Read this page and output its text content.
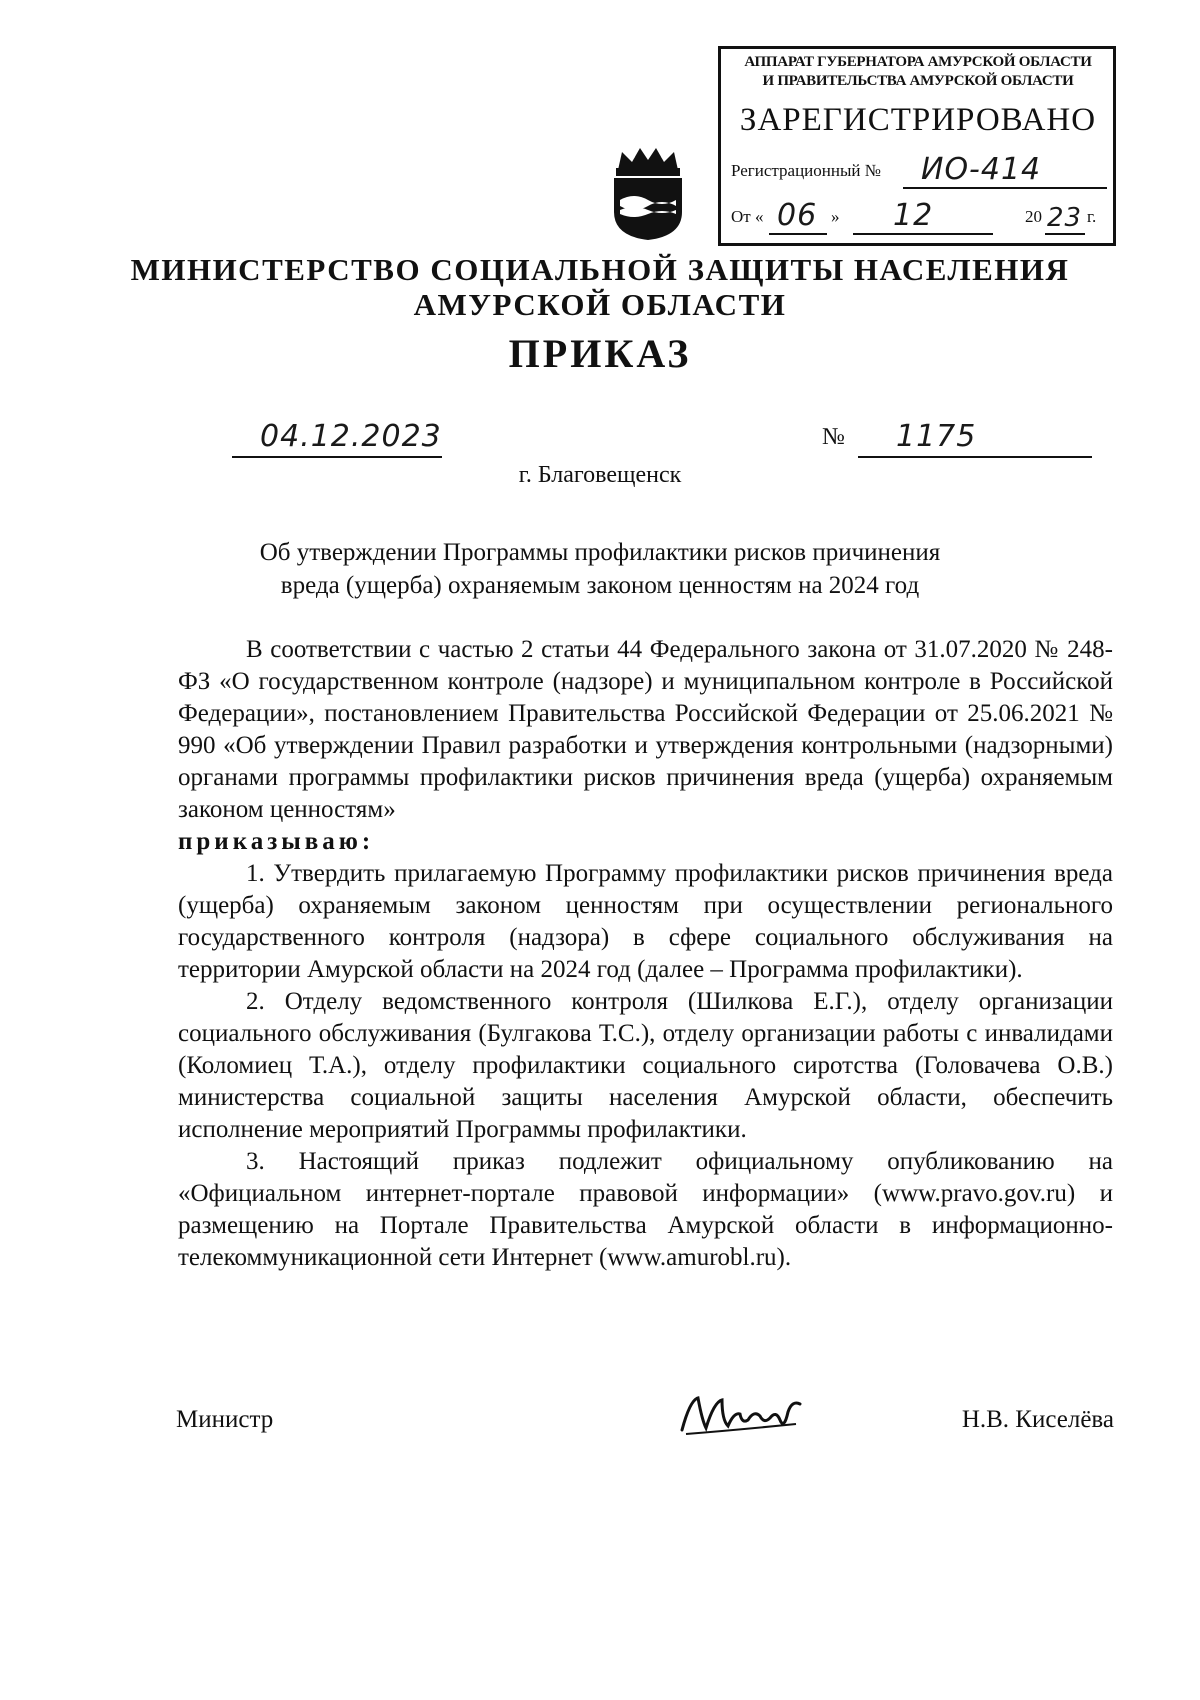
АППАРАТ ГУБЕРНАТОРА АМУРСКОЙ ОБЛАСТИ
И ПРАВИТЕЛЬСТВА АМУРСКОЙ ОБЛАСТИ
ЗАРЕГИСТРИРОВАНО
Регистрационный № ИО-414
От « 06 » 12	20 23 г.
МИНИСТЕРСТВО СОЦИАЛЬНОЙ ЗАЩИТЫ НАСЕЛЕНИЯ
АМУРСКОЙ ОБЛАСТИ
ПРИКАЗ
04.12.2023	№ 1175
г. Благовещенск
Об утверждении Программы профилактики рисков причинения
вреда (ущерба) охраняемым законом ценностям на 2024 год

В соответствии с частью 2 статьи 44 Федерального закона от 31.07.2020 № 248-ФЗ «О государственном контроле (надзоре) и муниципальном контроле в Российской Федерации», постановлением Правительства Российской Федерации от 25.06.2021 № 990 «Об утверждении Правил разработки и утверждения контрольными (надзорными) органами программы профилактики рисков причинения вреда (ущерба) охраняемым законом ценностям»

приказываю:

1. Утвердить прилагаемую Программу профилактики рисков причинения вреда (ущерба) охраняемым законом ценностям при осуществлении регионального государственного контроля (надзора) в сфере социального обслуживания на территории Амурской области на 2024 год (далее – Программа профилактики).

2. Отделу ведомственного контроля (Шилкова Е.Г.), отделу организации социального обслуживания (Булгакова Т.С.), отделу организации работы с инвалидами (Коломиец Т.А.), отделу профилактики социального сиротства (Головачева О.В.) министерства социальной защиты населения Амурской области, обеспечить исполнение мероприятий Программы профилактики.

3. Настоящий приказ подлежит официальному опубликованию на «Официальном интернет-портале правовой информации» (www.pravo.gov.ru) и размещению на Портале Правительства Амурской области в информационно-телекоммуникационной сети Интернет (www.amurobl.ru).

Министр	Н.В. Киселёва
